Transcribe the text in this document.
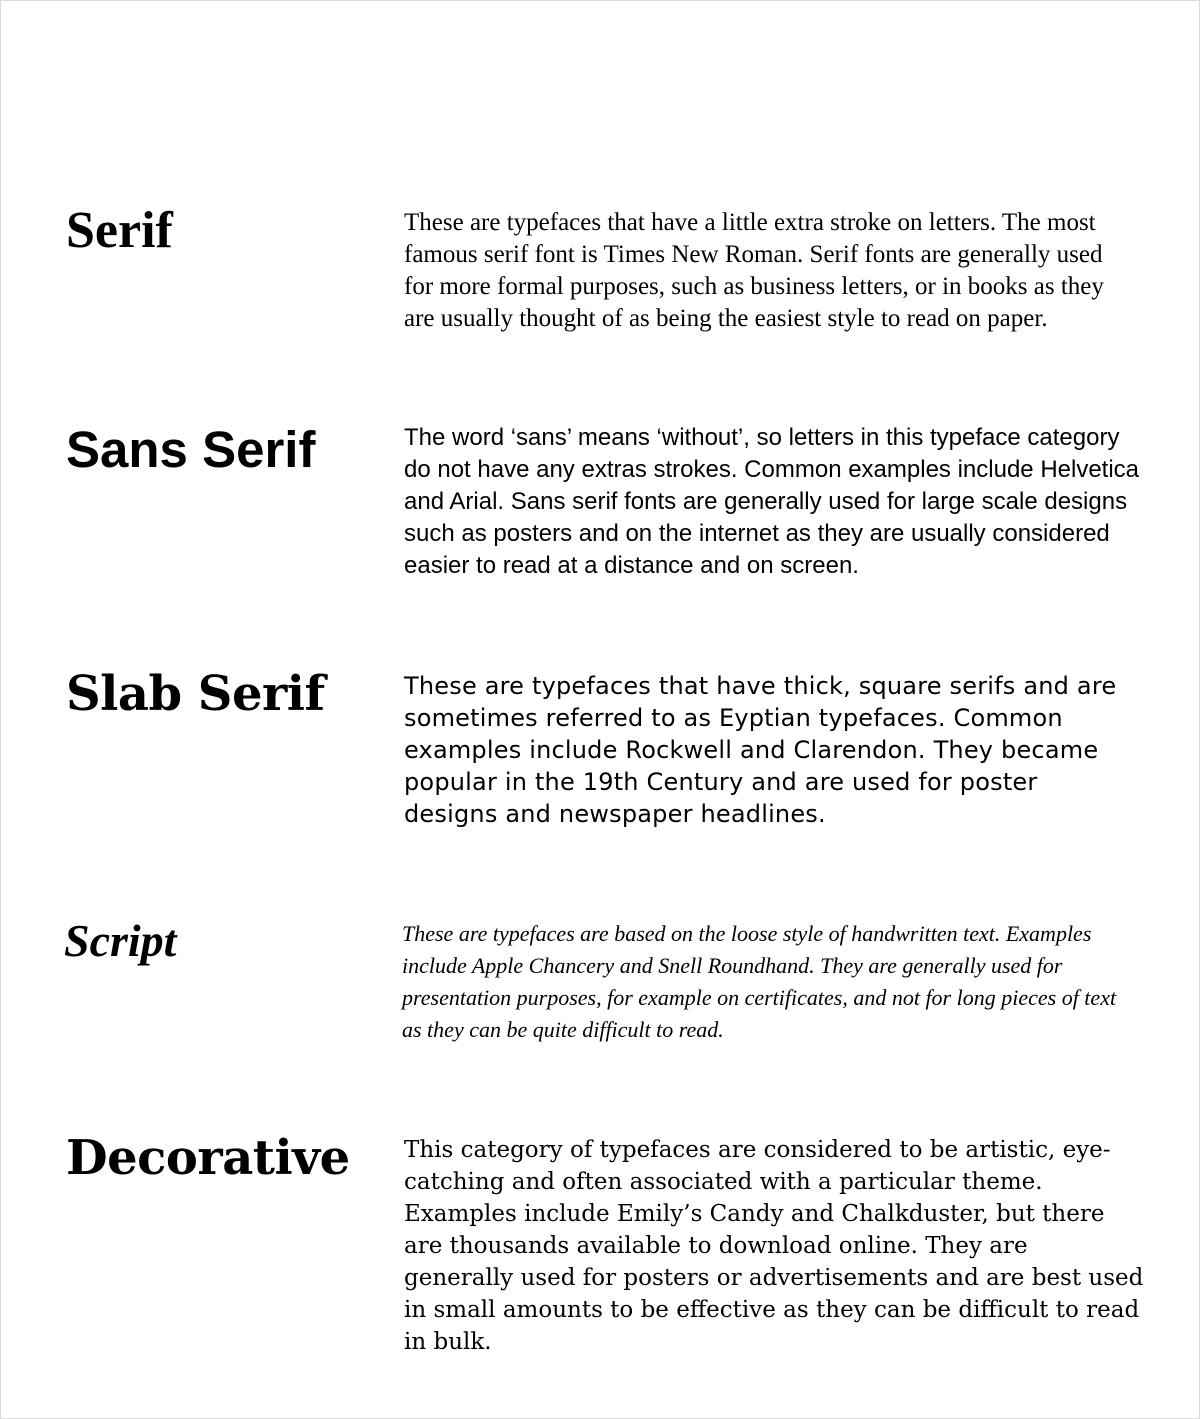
Serif	These are typefaces that have a little extra stroke on letters. The most famous serif font is Times New Roman. Serif fonts are generally used for more formal purposes, such as business letters, or in books as they are usually thought of as being the easiest style to read on paper.

Sans Serif	The word ‘sans’ means ‘without’, so letters in this typeface category do not have any extras strokes. Common examples include Helvetica and Arial. Sans serif fonts are generally used for large scale designs such as posters and on the internet as they are usually considered easier to read at a distance and on screen.

Slab Serif	These are typefaces that have thick, square serifs and are sometimes referred to as Eyptian typefaces. Common examples include Rockwell and Clarendon. They became popular in the 19th Century and are used for poster designs and newspaper headlines.

Script	These are typefaces are based on the loose style of handwritten text. Examples include Apple Chancery and Snell Roundhand. They are generally used for presentation purposes, for example on certificates, and not for long pieces of text as they can be quite difficult to read.

Decorative This category of typefaces are considered to be artistic, eye-catching and often associated with a particular theme. Examples include Emily’s Candy and Chalkduster, but there are thousands available to download online. They are generally used for posters or advertisements and are best used in small amounts to be effective as they can be difficult to read in bulk.
